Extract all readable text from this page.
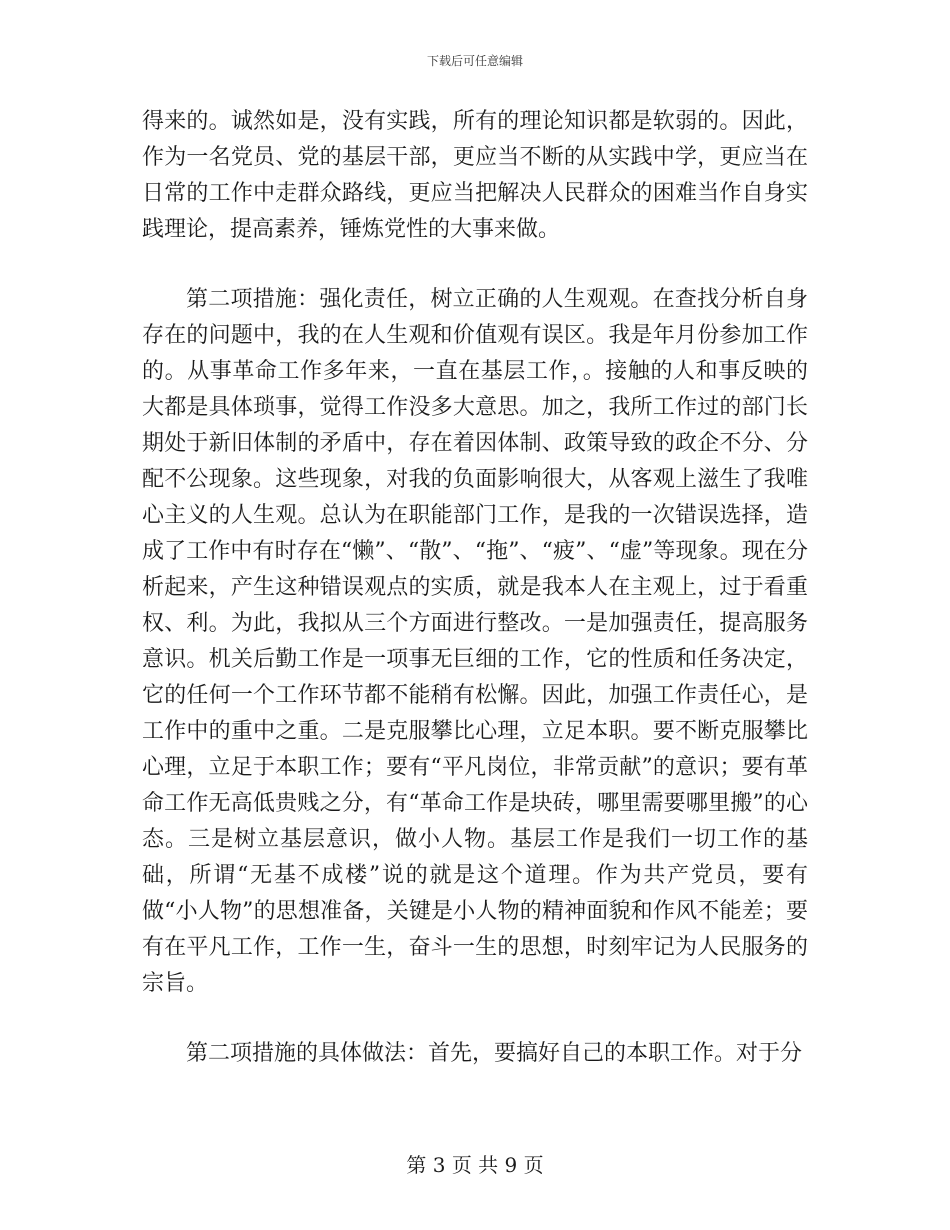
下载后可任意编辑

得来的。诚然如是，没有实践，所有的理论知识都是软弱的。因此，作为一名党员、党的基层干部，更应当不断的从实践中学，更应当在日常的工作中走群众路线，更应当把解决人民群众的困难当作自身实践理论，提高素养，锤炼党性的大事来做。

第二项措施：强化责任，树立正确的人生观观。在查找分析自身存在的问题中，我的在人生观和价值观有误区。我是年月份参加工作的。从事革命工作多年来，一直在基层工作，。接触的人和事反映的大都是具体琐事，觉得工作没多大意思。加之，我所工作过的部门长期处于新旧体制的矛盾中，存在着因体制、政策导致的政企不分、分配不公现象。这些现象，对我的负面影响很大，从客观上滋生了我唯心主义的人生观。总认为在职能部门工作，是我的一次错误选择，造成了工作中有时存在“懒”、“散”、“拖”、“疲”、“虚”等现象。现在分析起来，产生这种错误观点的实质，就是我本人在主观上，过于看重权、利。为此，我拟从三个方面进行整改。一是加强责任，提高服务意识。机关后勤工作是一项事无巨细的工作，它的性质和任务决定，它的任何一个工作环节都不能稍有松懈。因此，加强工作责任心，是工作中的重中之重。二是克服攀比心理，立足本职。要不断克服攀比心理，立足于本职工作；要有“平凡岗位，非常贡献”的意识；要有革命工作无高低贵贱之分，有“革命工作是块砖，哪里需要哪里搬”的心态。三是树立基层意识，做小人物。基层工作是我们一切工作的基础，所谓“无基不成楼”说的就是这个道理。作为共产党员，要有做“小人物”的思想准备，关键是小人物的精神面貌和作风不能差；要有在平凡工作，工作一生，奋斗一生的思想，时刻牢记为人民服务的宗旨。

第二项措施的具体做法：首先，要搞好自己的本职工作。对于分

第 3 页 共 9 页
